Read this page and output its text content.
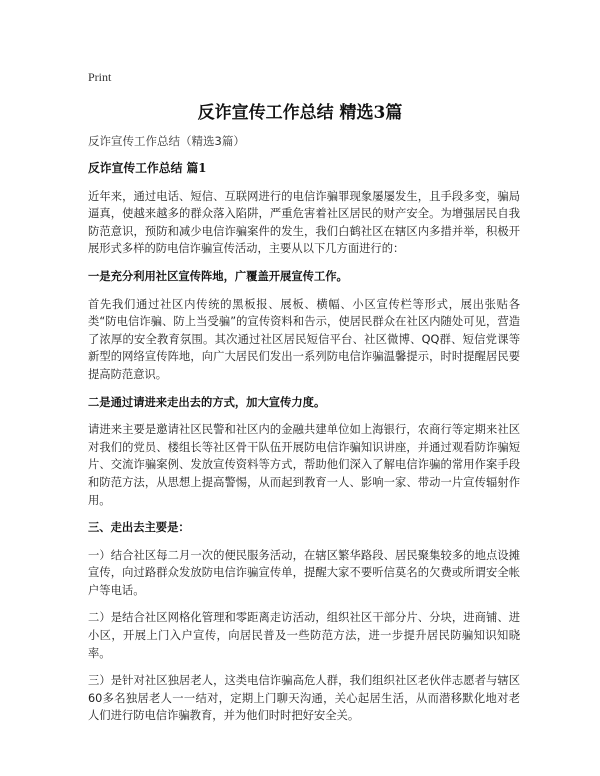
Print
反诈宣传工作总结 精选3篇
反诈宣传工作总结（精选3篇）
反诈宣传工作总结 篇1

近年来，通过电话、短信、互联网进行的电信诈骗罪现象屡屡发生，且手段多变，骗局逼真，使越来越多的群众落入陷阱，严重危害着社区居民的财产安全。为增强居民自我防范意识，预防和减少电信诈骗案件的发生，我们白鹤社区在辖区内多措并举，积极开展形式多样的防电信诈骗宣传活动，主要从以下几方面进行的：

一是充分利用社区宣传阵地，广覆盖开展宣传工作。

首先我们通过社区内传统的黑板报、展板、横幅、小区宣传栏等形式，展出张贴各类“防电信诈骗、防上当受骗”的宣传资料和告示，使居民群众在社区内随处可见，营造了浓厚的安全教育氛围。其次通过社区居民短信平台、社区微博、QQ群、短信党课等新型的网络宣传阵地，向广大居民们发出一系列防电信诈骗温馨提示，时时提醒居民要提高防范意识。

二是通过请进来走出去的方式，加大宣传力度。

请进来主要是邀请社区民警和社区内的金融共建单位如上海银行，农商行等定期来社区对我们的党员、楼组长等社区骨干队伍开展防电信诈骗知识讲座，并通过观看防诈骗短片、交流诈骗案例、发放宣传资料等方式，帮助他们深入了解电信诈骗的常用作案手段和防范方法，从思想上提高警惕，从而起到教育一人、影响一家、带动一片宣传辐射作用。

三、走出去主要是：

一）结合社区每二月一次的便民服务活动，在辖区繁华路段、居民聚集较多的地点设摊宣传，向过路群众发放防电信诈骗宣传单，提醒大家不要听信莫名的欠费或所谓安全帐户等电话。

二）是结合社区网格化管理和零距离走访活动，组织社区干部分片、分块，进商铺、进小区，开展上门入户宣传，向居民普及一些防范方法，进一步提升居民防骗知识知晓率。

三）是针对社区独居老人，这类电信诈骗高危人群，我们组织社区老伙伴志愿者与辖区60多名独居老人一一结对，定期上门聊天沟通，关心起居生活，从而潜移默化地对老人们进行防电信诈骗教育，并为他们时时把好安全关。
